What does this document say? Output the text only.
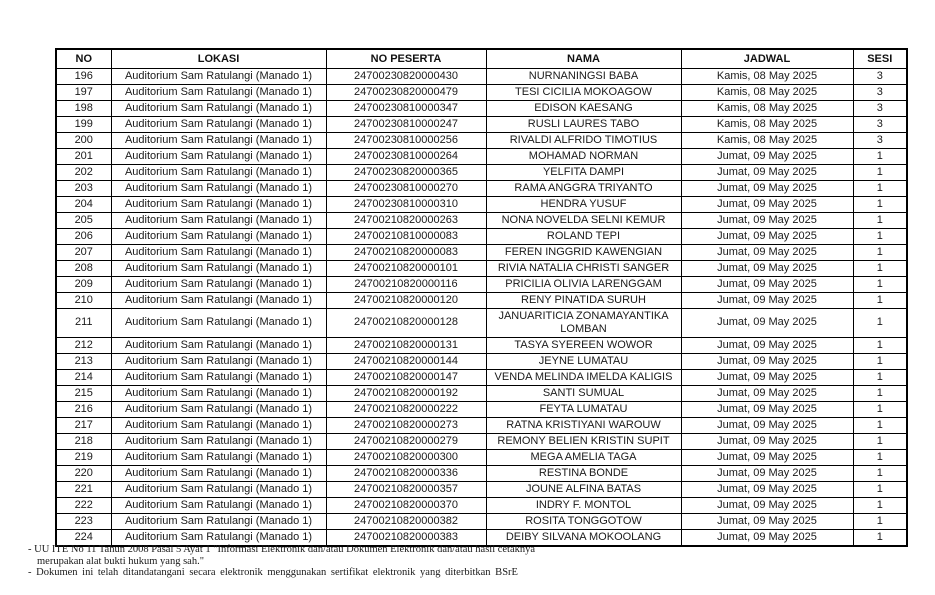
NO	LOKASI	NO PESERTA	NAMA	JADWAL	SESI
196	Auditorium Sam Ratulangi (Manado 1)	24700230820000430	NURNANINGSI BABA	Kamis, 08 May 2025	3
197	Auditorium Sam Ratulangi (Manado 1)	24700230820000479	TESI CICILIA MOKOAGOW	Kamis, 08 May 2025	3
198	Auditorium Sam Ratulangi (Manado 1)	24700230810000347	EDISON KAESANG	Kamis, 08 May 2025	3
199	Auditorium Sam Ratulangi (Manado 1)	24700230810000247	RUSLI LAURES TABO	Kamis, 08 May 2025	3
200	Auditorium Sam Ratulangi (Manado 1)	24700230810000256	RIVALDI ALFRIDO TIMOTIUS	Kamis, 08 May 2025	3
201	Auditorium Sam Ratulangi (Manado 1)	24700230810000264	MOHAMAD NORMAN	Jumat, 09 May 2025	1
202	Auditorium Sam Ratulangi (Manado 1)	24700230820000365	YELFITA DAMPI	Jumat, 09 May 2025	1
203	Auditorium Sam Ratulangi (Manado 1)	24700230810000270	RAMA ANGGRA TRIYANTO	Jumat, 09 May 2025	1
204	Auditorium Sam Ratulangi (Manado 1)	24700230810000310	HENDRA YUSUF	Jumat, 09 May 2025	1
205	Auditorium Sam Ratulangi (Manado 1)	24700210820000263	NONA NOVELDA SELNI KEMUR	Jumat, 09 May 2025	1
206	Auditorium Sam Ratulangi (Manado 1)	24700210810000083	ROLAND TEPI	Jumat, 09 May 2025	1
207	Auditorium Sam Ratulangi (Manado 1)	24700210820000083	FEREN INGGRID KAWENGIAN	Jumat, 09 May 2025	1
208	Auditorium Sam Ratulangi (Manado 1)	24700210820000101	RIVIA NATALIA CHRISTI SANGER	Jumat, 09 May 2025	1
209	Auditorium Sam Ratulangi (Manado 1)	24700210820000116	PRICILIA OLIVIA LARENGGAM	Jumat, 09 May 2025	1
210	Auditorium Sam Ratulangi (Manado 1)	24700210820000120	RENY PINATIDA SURUH	Jumat, 09 May 2025	1
211	Auditorium Sam Ratulangi (Manado 1)	24700210820000128	JANUARITICIA ZONAMAYANTIKA LOMBAN	Jumat, 09 May 2025	1
212	Auditorium Sam Ratulangi (Manado 1)	24700210820000131	TASYA SYEREEN WOWOR	Jumat, 09 May 2025	1
213	Auditorium Sam Ratulangi (Manado 1)	24700210820000144	JEYNE LUMATAU	Jumat, 09 May 2025	1
214	Auditorium Sam Ratulangi (Manado 1)	24700210820000147	VENDA MELINDA IMELDA KALIGIS	Jumat, 09 May 2025	1
215	Auditorium Sam Ratulangi (Manado 1)	24700210820000192	SANTI SUMUAL	Jumat, 09 May 2025	1
216	Auditorium Sam Ratulangi (Manado 1)	24700210820000222	FEYTA LUMATAU	Jumat, 09 May 2025	1
217	Auditorium Sam Ratulangi (Manado 1)	24700210820000273	RATNA KRISTIYANI WAROUW	Jumat, 09 May 2025	1
218	Auditorium Sam Ratulangi (Manado 1)	24700210820000279	REMONY BELIEN KRISTIN SUPIT	Jumat, 09 May 2025	1
219	Auditorium Sam Ratulangi (Manado 1)	24700210820000300	MEGA AMELIA TAGA	Jumat, 09 May 2025	1
220	Auditorium Sam Ratulangi (Manado 1)	24700210820000336	RESTINA BONDE	Jumat, 09 May 2025	1
221	Auditorium Sam Ratulangi (Manado 1)	24700210820000357	JOUNE ALFINA BATAS	Jumat, 09 May 2025	1
222	Auditorium Sam Ratulangi (Manado 1)	24700210820000370	INDRY F. MONTOL	Jumat, 09 May 2025	1
223	Auditorium Sam Ratulangi (Manado 1)	24700210820000382	ROSITA TONGGOTOW	Jumat, 09 May 2025	1
224	Auditorium Sam Ratulangi (Manado 1)	24700210820000383	DEIBY SILVANA MOKOOLANG	Jumat, 09 May 2025	1
- UU ITE No 11 Tahun 2008 Pasal 5 Ayat 1 "Informasi Elektronik dan/atau Dokumen Elektronik dan/atau hasil cetaknya
merupakan alat bukti hukum yang sah."
- Dokumen ini telah ditandatangani secara elektronik menggunakan sertifikat elektronik yang diterbitkan BSrE
